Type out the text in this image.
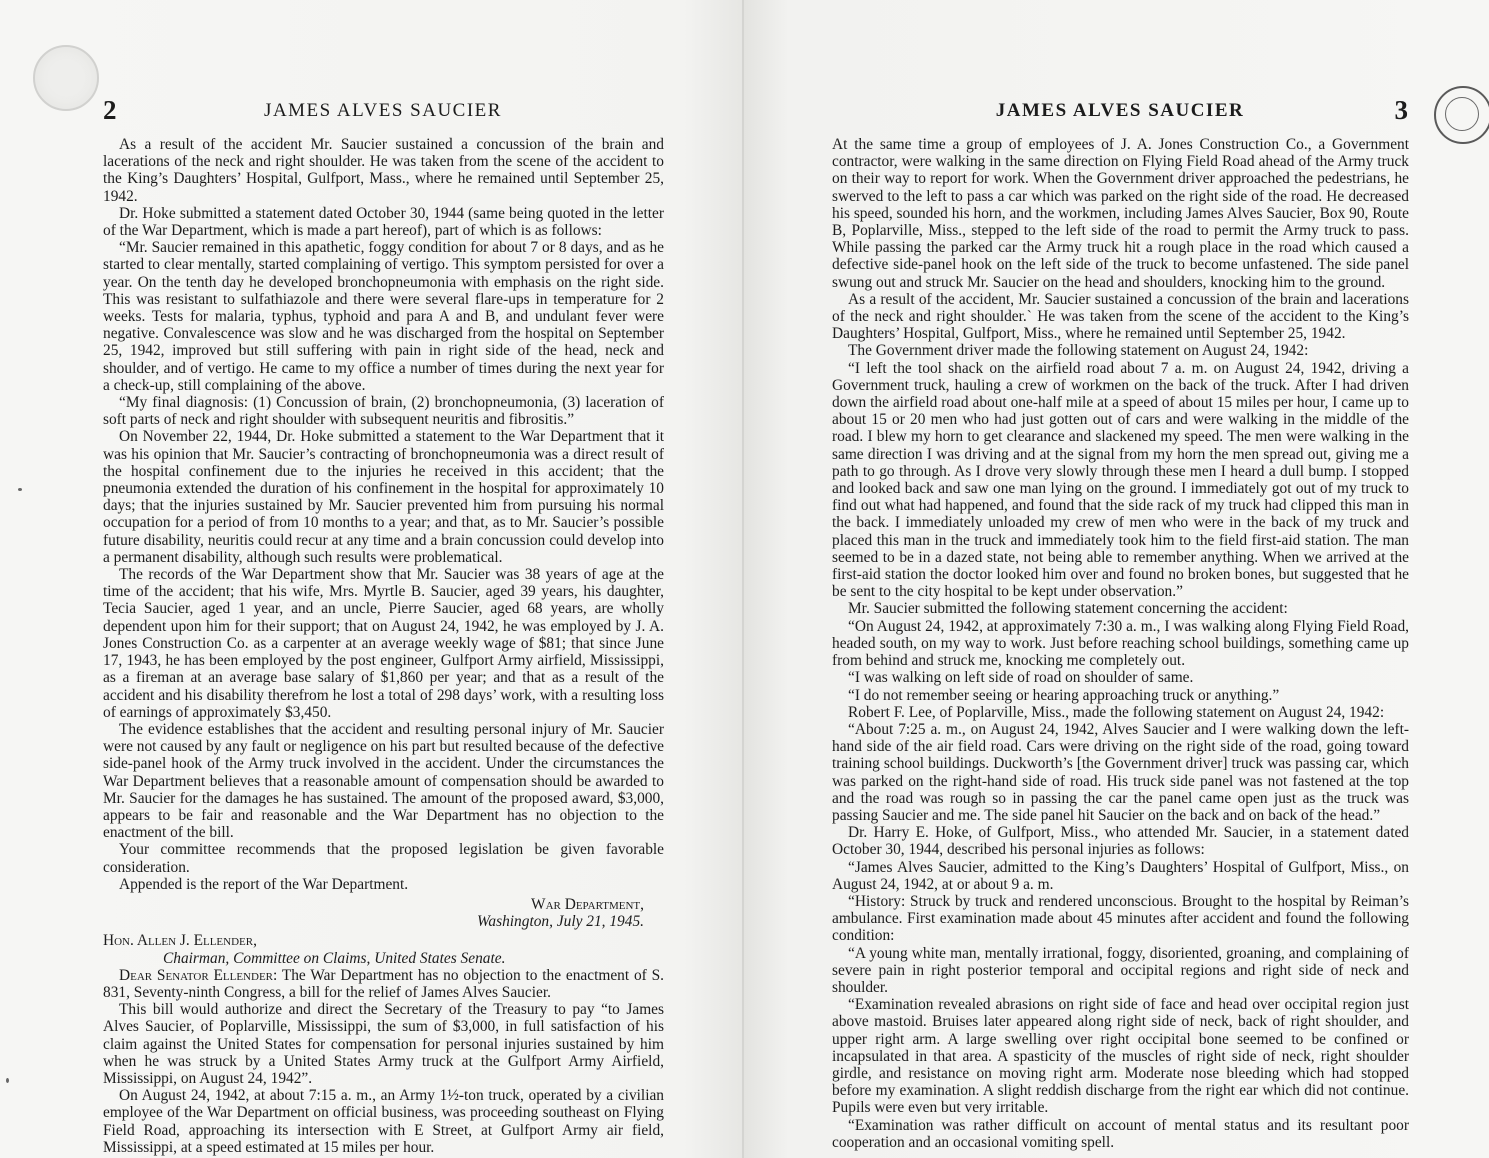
2	JAMES ALVES SAUCIER

As a result of the accident Mr. Saucier sustained a concussion of the brain and lacerations of the neck and right shoulder. He was taken from the scene of the accident to the King’s Daughters’ Hospital, Gulfport, Mass., where he remained until September 25, 1942.

Dr. Hoke submitted a statement dated October 30, 1944 (same being quoted in the letter of the War Department, which is made a part hereof), part of which is as follows:

“Mr. Saucier remained in this apathetic, foggy condition for about 7 or 8 days, and as he started to clear mentally, started complaining of vertigo. This symptom persisted for over a year. On the tenth day he developed bronchopneumonia with emphasis on the right side. This was resistant to sulfathiazole and there were several flare-ups in temperature for 2 weeks. Tests for malaria, typhus, typhoid and para A and B, and undulant fever were negative. Convalescence was slow and he was discharged from the hospital on September 25, 1942, improved but still suffering with pain in right side of the head, neck and shoulder, and of vertigo. He came to my office a number of times during the next year for a check-up, still complaining of the above.

“My final diagnosis: (1) Concussion of brain, (2) bronchopneumonia, (3) laceration of soft parts of neck and right shoulder with subsequent neuritis and fibrositis.”

On November 22, 1944, Dr. Hoke submitted a statement to the War Department that it was his opinion that Mr. Saucier’s contracting of bronchopneumonia was a direct result of the hospital confinement due to the injuries he received in this accident; that the pneumonia extended the duration of his confinement in the hospital for approximately 10 days; that the injuries sustained by Mr. Saucier prevented him from pursuing his normal occupation for a period of from 10 months to a year; and that, as to Mr. Saucier’s possible future disability, neuritis could recur at any time and a brain concussion could develop into a permanent disability, although such results were problematical.

The records of the War Department show that Mr. Saucier was 38 years of age at the time of the accident; that his wife, Mrs. Myrtle B. Saucier, aged 39 years, his daughter, Tecia Saucier, aged 1 year, and an uncle, Pierre Saucier, aged 68 years, are wholly dependent upon him for their support; that on August 24, 1942, he was employed by J. A. Jones Construction Co. as a carpenter at an average weekly wage of $81; that since June 17, 1943, he has been employed by the post engineer, Gulfport Army airfield, Mississippi, as a fireman at an average base salary of $1,860 per year; and that as a result of the accident and his disability therefrom he lost a total of 298 days’ work, with a resulting loss of earnings of approximately $3,450.

The evidence establishes that the accident and resulting personal injury of Mr. Saucier were not caused by any fault or negligence on his part but resulted because of the defective side-panel hook of the Army truck involved in the accident. Under the circumstances the War Department believes that a reasonable amount of compensation should be awarded to Mr. Saucier for the damages he has sustained. The amount of the proposed award, $3,000, appears to be fair and reasonable and the War Department has no objection to the enactment of the bill.

Your committee recommends that the proposed legislation be given favorable consideration.

Appended is the report of the War Department.

War Department,
Washington, July 21, 1945.

Hon. Allen J. Ellender,

Chairman, Committee on Claims, United States Senate.

Dear Senator Ellender: The War Department has no objection to the enactment of S. 831, Seventy-ninth Congress, a bill for the relief of James Alves Saucier.

This bill would authorize and direct the Secretary of the Treasury to pay “to James Alves Saucier, of Poplarville, Mississippi, the sum of $3,000, in full satisfaction of his claim against the United States for compensation for personal injuries sustained by him when he was struck by a United States Army truck at the Gulfport Army Airfield, Mississippi, on August 24, 1942”.

On August 24, 1942, at about 7:15 a. m., an Army 1½-ton truck, operated by a civilian employee of the War Department on official business, was proceeding southeast on Flying Field Road, approaching its intersection with E Street, at Gulfport Army air field, Mississippi, at a speed estimated at 15 miles per hour.

JAMES ALVES SAUCIER	3

At the same time a group of employees of J. A. Jones Construction Co., a Government contractor, were walking in the same direction on Flying Field Road ahead of the Army truck on their way to report for work. When the Government driver approached the pedestrians, he swerved to the left to pass a car which was parked on the right side of the road. He decreased his speed, sounded his horn, and the workmen, including James Alves Saucier, Box 90, Route B, Poplarville, Miss., stepped to the left side of the road to permit the Army truck to pass. While passing the parked car the Army truck hit a rough place in the road which caused a defective side-panel hook on the left side of the truck to become unfastened. The side panel swung out and struck Mr. Saucier on the head and shoulders, knocking him to the ground.

As a result of the accident, Mr. Saucier sustained a concussion of the brain and lacerations of the neck and right shoulder.` He was taken from the scene of the accident to the King’s Daughters’ Hospital, Gulfport, Miss., where he remained until September 25, 1942.

The Government driver made the following statement on August 24, 1942:

“I left the tool shack on the airfield road about 7 a. m. on August 24, 1942, driving a Government truck, hauling a crew of workmen on the back of the truck. After I had driven down the airfield road about one-half mile at a speed of about 15 miles per hour, I came up to about 15 or 20 men who had just gotten out of cars and were walking in the middle of the road. I blew my horn to get clearance and slackened my speed. The men were walking in the same direction I was driving and at the signal from my horn the men spread out, giving me a path to go through. As I drove very slowly through these men I heard a dull bump. I stopped and looked back and saw one man lying on the ground. I immediately got out of my truck to find out what had happened, and found that the side rack of my truck had clipped this man in the back. I immediately unloaded my crew of men who were in the back of my truck and placed this man in the truck and immediately took him to the field first-aid station. The man seemed to be in a dazed state, not being able to remember anything. When we arrived at the first-aid station the doctor looked him over and found no broken bones, but suggested that he be sent to the city hospital to be kept under observation.”

Mr. Saucier submitted the following statement concerning the accident:

“On August 24, 1942, at approximately 7:30 a. m., I was walking along Flying Field Road, headed south, on my way to work. Just before reaching school buildings, something came up from behind and struck me, knocking me completely out.

“I was walking on left side of road on shoulder of same.

“I do not remember seeing or hearing approaching truck or anything.”

Robert F. Lee, of Poplarville, Miss., made the following statement on August 24, 1942:

“About 7:25 a. m., on August 24, 1942, Alves Saucier and I were walking down the left-hand side of the air field road. Cars were driving on the right side of the road, going toward training school buildings. Duckworth’s [the Government driver] truck was passing car, which was parked on the right-hand side of road. His truck side panel was not fastened at the top and the road was rough so in passing the car the panel came open just as the truck was passing Saucier and me. The side panel hit Saucier on the back and on back of the head.”

Dr. Harry E. Hoke, of Gulfport, Miss., who attended Mr. Saucier, in a statement dated October 30, 1944, described his personal injuries as follows:

“James Alves Saucier, admitted to the King’s Daughters’ Hospital of Gulfport, Miss., on August 24, 1942, at or about 9 a. m.

“History: Struck by truck and rendered unconscious. Brought to the hospital by Reiman’s ambulance. First examination made about 45 minutes after accident and found the following condition:

“A young white man, mentally irrational, foggy, disoriented, groaning, and complaining of severe pain in right posterior temporal and occipital regions and right side of neck and shoulder.

“Examination revealed abrasions on right side of face and head over occipital region just above mastoid. Bruises later appeared along right side of neck, back of right shoulder, and upper right arm. A large swelling over right occipital bone seemed to be confined or incapsulated in that area. A spasticity of the muscles of right side of neck, right shoulder girdle, and resistance on moving right arm. Moderate nose bleeding which had stopped before my examination. A slight reddish discharge from the right ear which did not continue. Pupils were even but very irritable.

“Examination was rather difficult on account of mental status and its resultant poor cooperation and an occasional vomiting spell.
